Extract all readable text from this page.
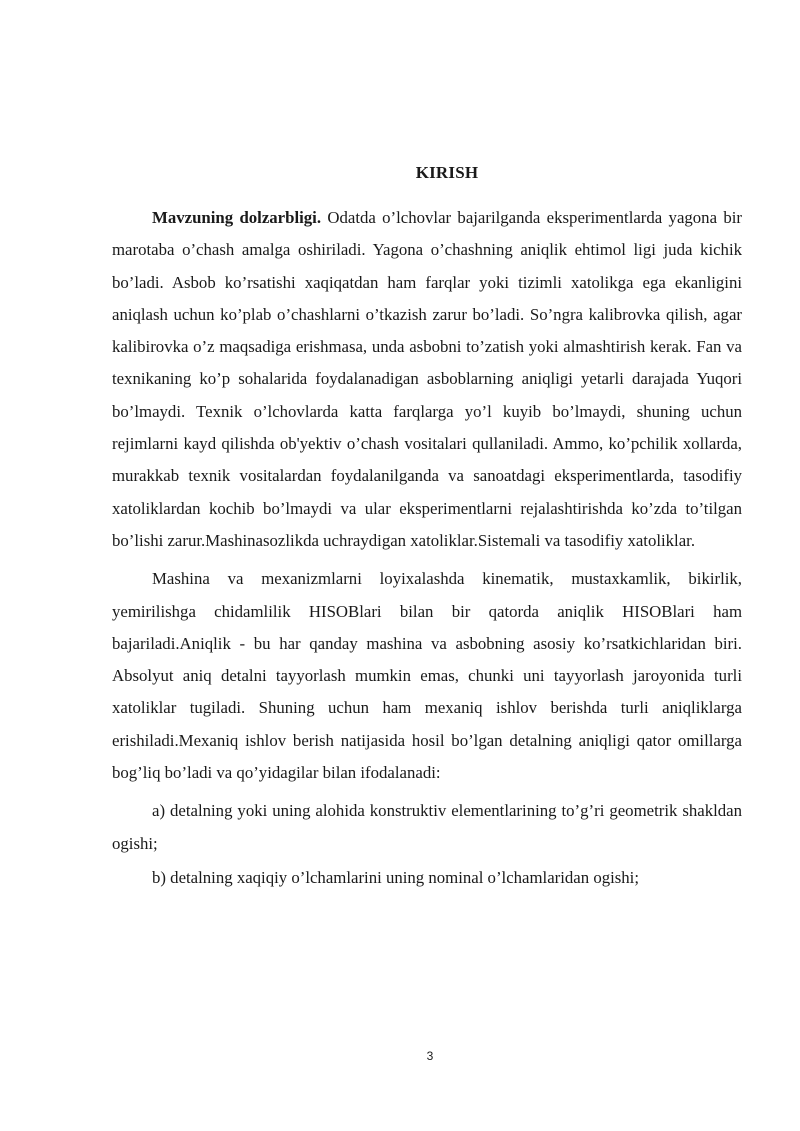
KIRISH

Mavzuning dolzarbligi. Odatda o’lchovlar bajarilganda eksperimentlarda yagona bir marotaba o’chash amalga oshiriladi. Yagona o’chashning aniqlik ehtimol ligi juda kichik bo’ladi. Asbob ko’rsatishi xaqiqatdan ham farqlar yoki tizimli xatolikga ega ekanligini aniqlash uchun ko’plab o’chashlarni o’tkazish zarur bo’ladi. So’ngra kalibrovka qilish, agar kalibirovka o’z maqsadiga erishmasa, unda asbobni to’zatish yoki almashtirish kerak. Fan va texnikaning ko’p sohalarida foydalanadigan asboblarning aniqligi yetarli darajada Yuqori bo’lmaydi. Texnik o’lchovlarda katta farqlarga yo’l kuyib bo’lmaydi, shuning uchun rejimlarni kayd qilishda ob'yektiv o’chash vositalari qullaniladi. Ammo, ko’pchilik xollarda, murakkab texnik vositalardan foydalanilganda va sanoatdagi eksperimentlarda, tasodifiy xatoliklardan kochib bo’lmaydi va ular eksperimentlarni rejalashtirishda ko’zda to’tilgan bo’lishi zarur.Mashinasozlikda uchraydigan xatoliklar.Sistemali va tasodifiy xatoliklar.

Mashina va mexanizmlarni loyixalashda kinematik, mustaxkamlik, bikirlik, yemirilishga chidamlilik HISOBlari bilan bir qatorda aniqlik HISOBlari ham bajariladi.Aniqlik - bu har qanday mashina va asbobning asosiy ko’rsatkichlaridan biri. Absolyut aniq detalni tayyorlash mumkin emas, chunki uni tayyorlash jaroyonida turli xatoliklar tugiladi. Shuning uchun ham mexaniq ishlov berishda turli aniqliklarga erishiladi.Mexaniq ishlov berish natijasida hosil bo’lgan detalning aniqligi qator omillarga bog’liq bo’ladi va qo’yidagilar bilan ifodalanadi:

a) detalning yoki uning alohida konstruktiv elementlarining to’g’ri geometrik shakldan ogishi;

b) detalning xaqiqiy o’lchamlarini uning nominal o’lchamlaridan ogishi;

3
